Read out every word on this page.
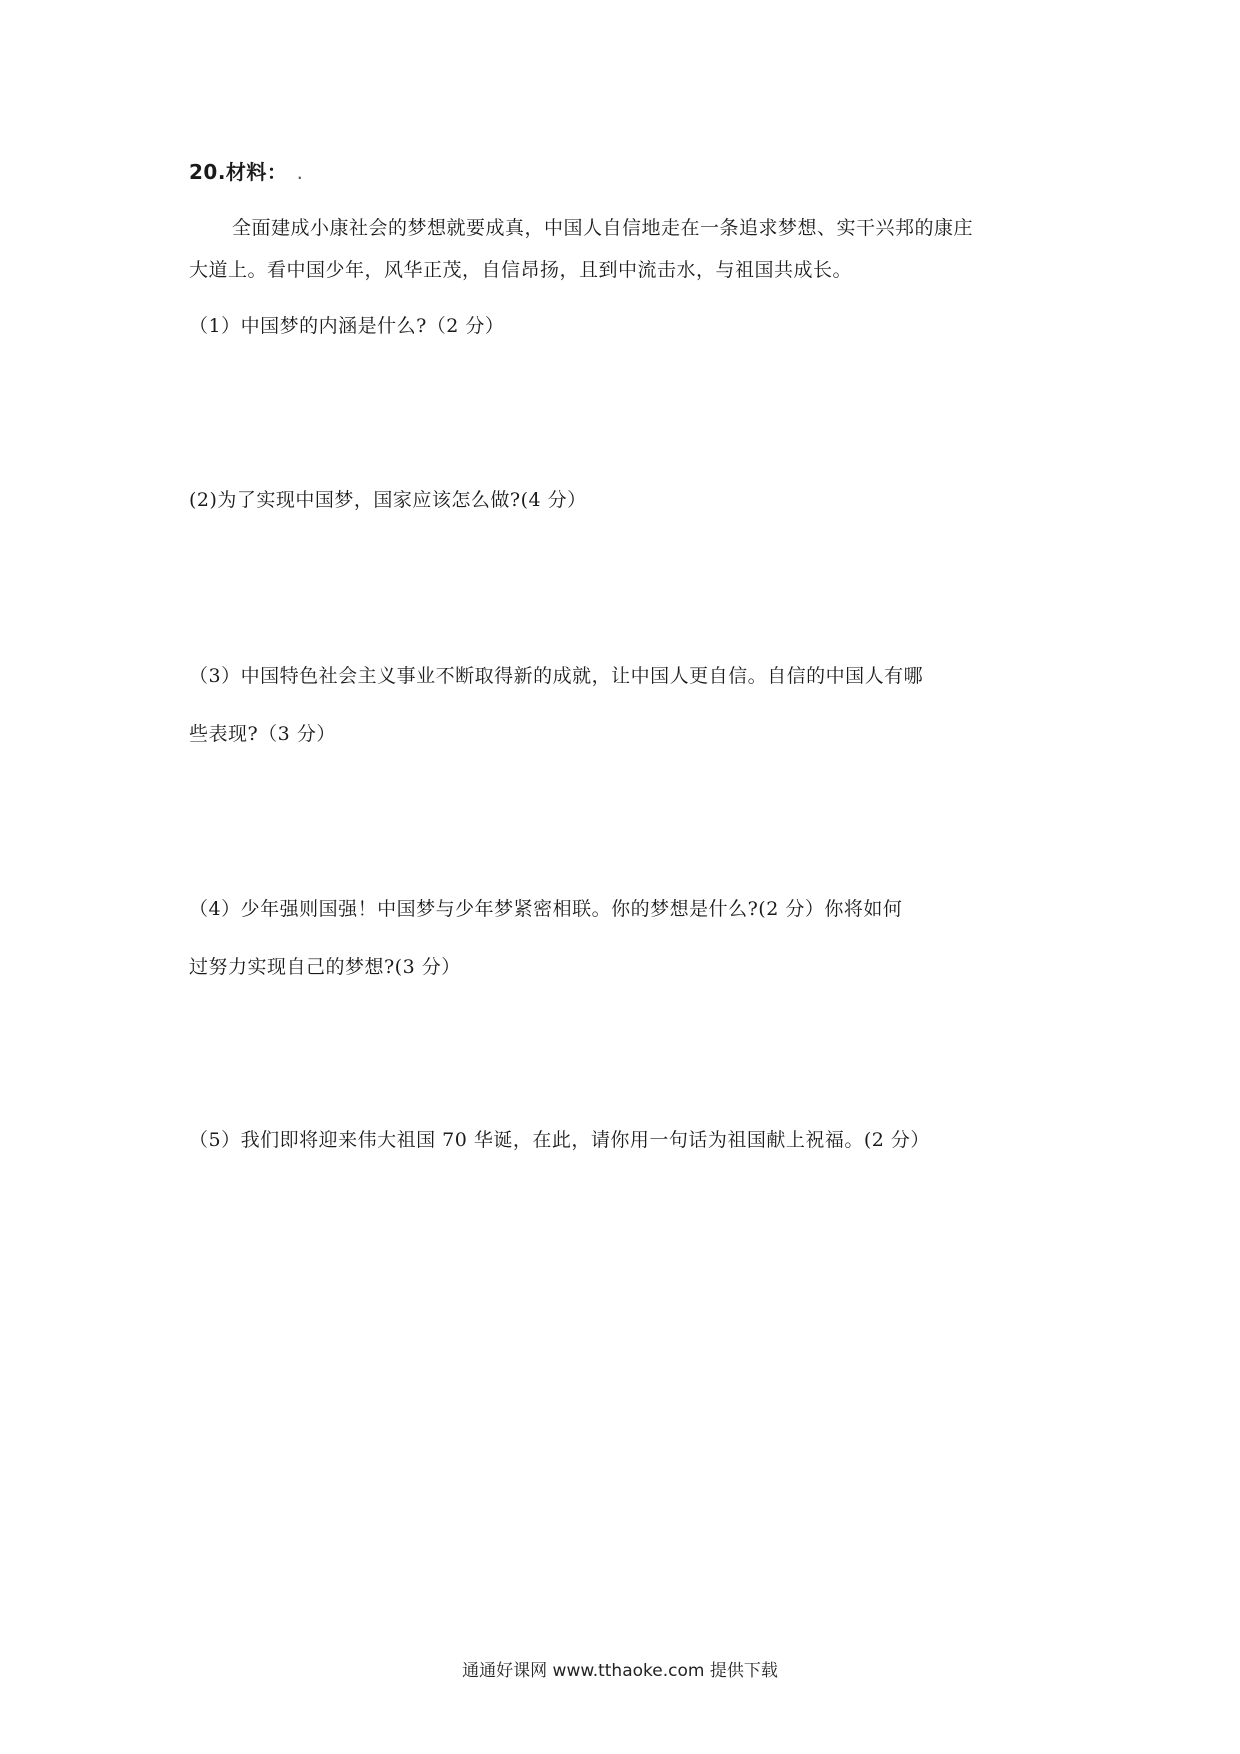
20.材料： .
全面建成小康社会的梦想就要成真，中国人自信地走在一条追求梦想、实干兴邦的康庄
大道上。看中国少年，风华正茂，自信昂扬，且到中流击水，与祖国共成长。
（1）中国梦的内涵是什么?（2 分）
(2)为了实现中国梦，国家应该怎么做?(4 分）
（3）中国特色社会主义事业不断取得新的成就，让中国人更自信。自信的中国人有哪
些表现?（3 分）
（4）少年强则国强！中国梦与少年梦紧密相联。你的梦想是什么?(2 分）你将如何
过努力实现自己的梦想?(3 分）
（5）我们即将迎来伟大祖国 70 华诞，在此，请你用一句话为祖国献上祝福。(2 分）
通通好课网 www.tthaoke.com 提供下载
